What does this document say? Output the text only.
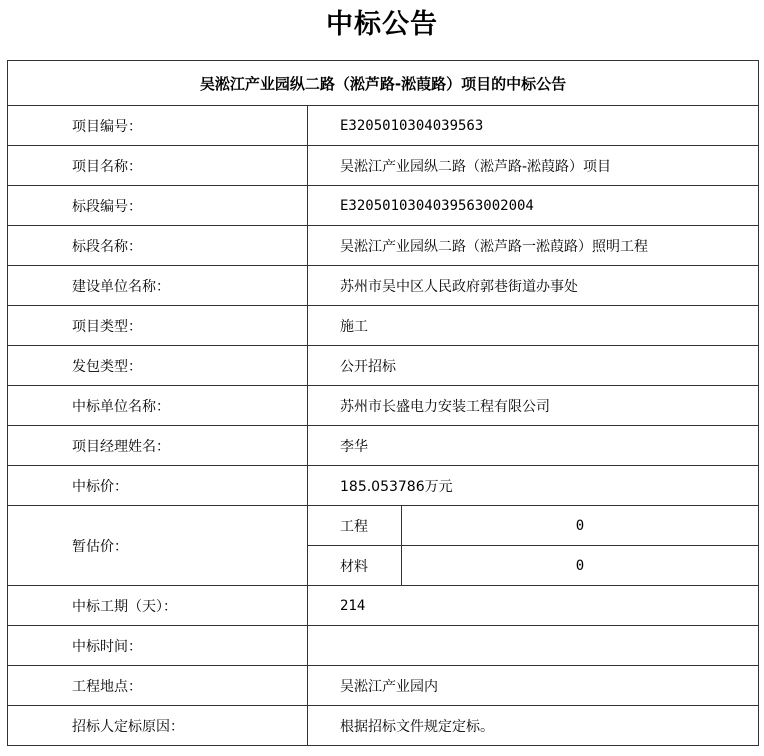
中标公告
吴淞江产业园纵二路（淞芦路-淞葭路）项目的中标公告		
项目编号：	E3205010304039563	
项目名称：	吴淞江产业园纵二路（淞芦路-淞葭路）项目	
标段编号：	E3205010304039563002004	
标段名称：	吴淞江产业园纵二路（淞芦路一淞葭路）照明工程	
建设单位名称：	苏州市吴中区人民政府郭巷街道办事处	
项目类型：	施工	
发包类型：	公开招标	
中标单位名称：	苏州市长盛电力安装工程有限公司	
项目经理姓名：	李华	
中标价：	185.053786万元	
暂估价：	工程	0
	材料	0
中标工期（天）：	214	
中标时间：		
工程地点：	吴淞江产业园内	
招标人定标原因：	根据招标文件规定定标。	
